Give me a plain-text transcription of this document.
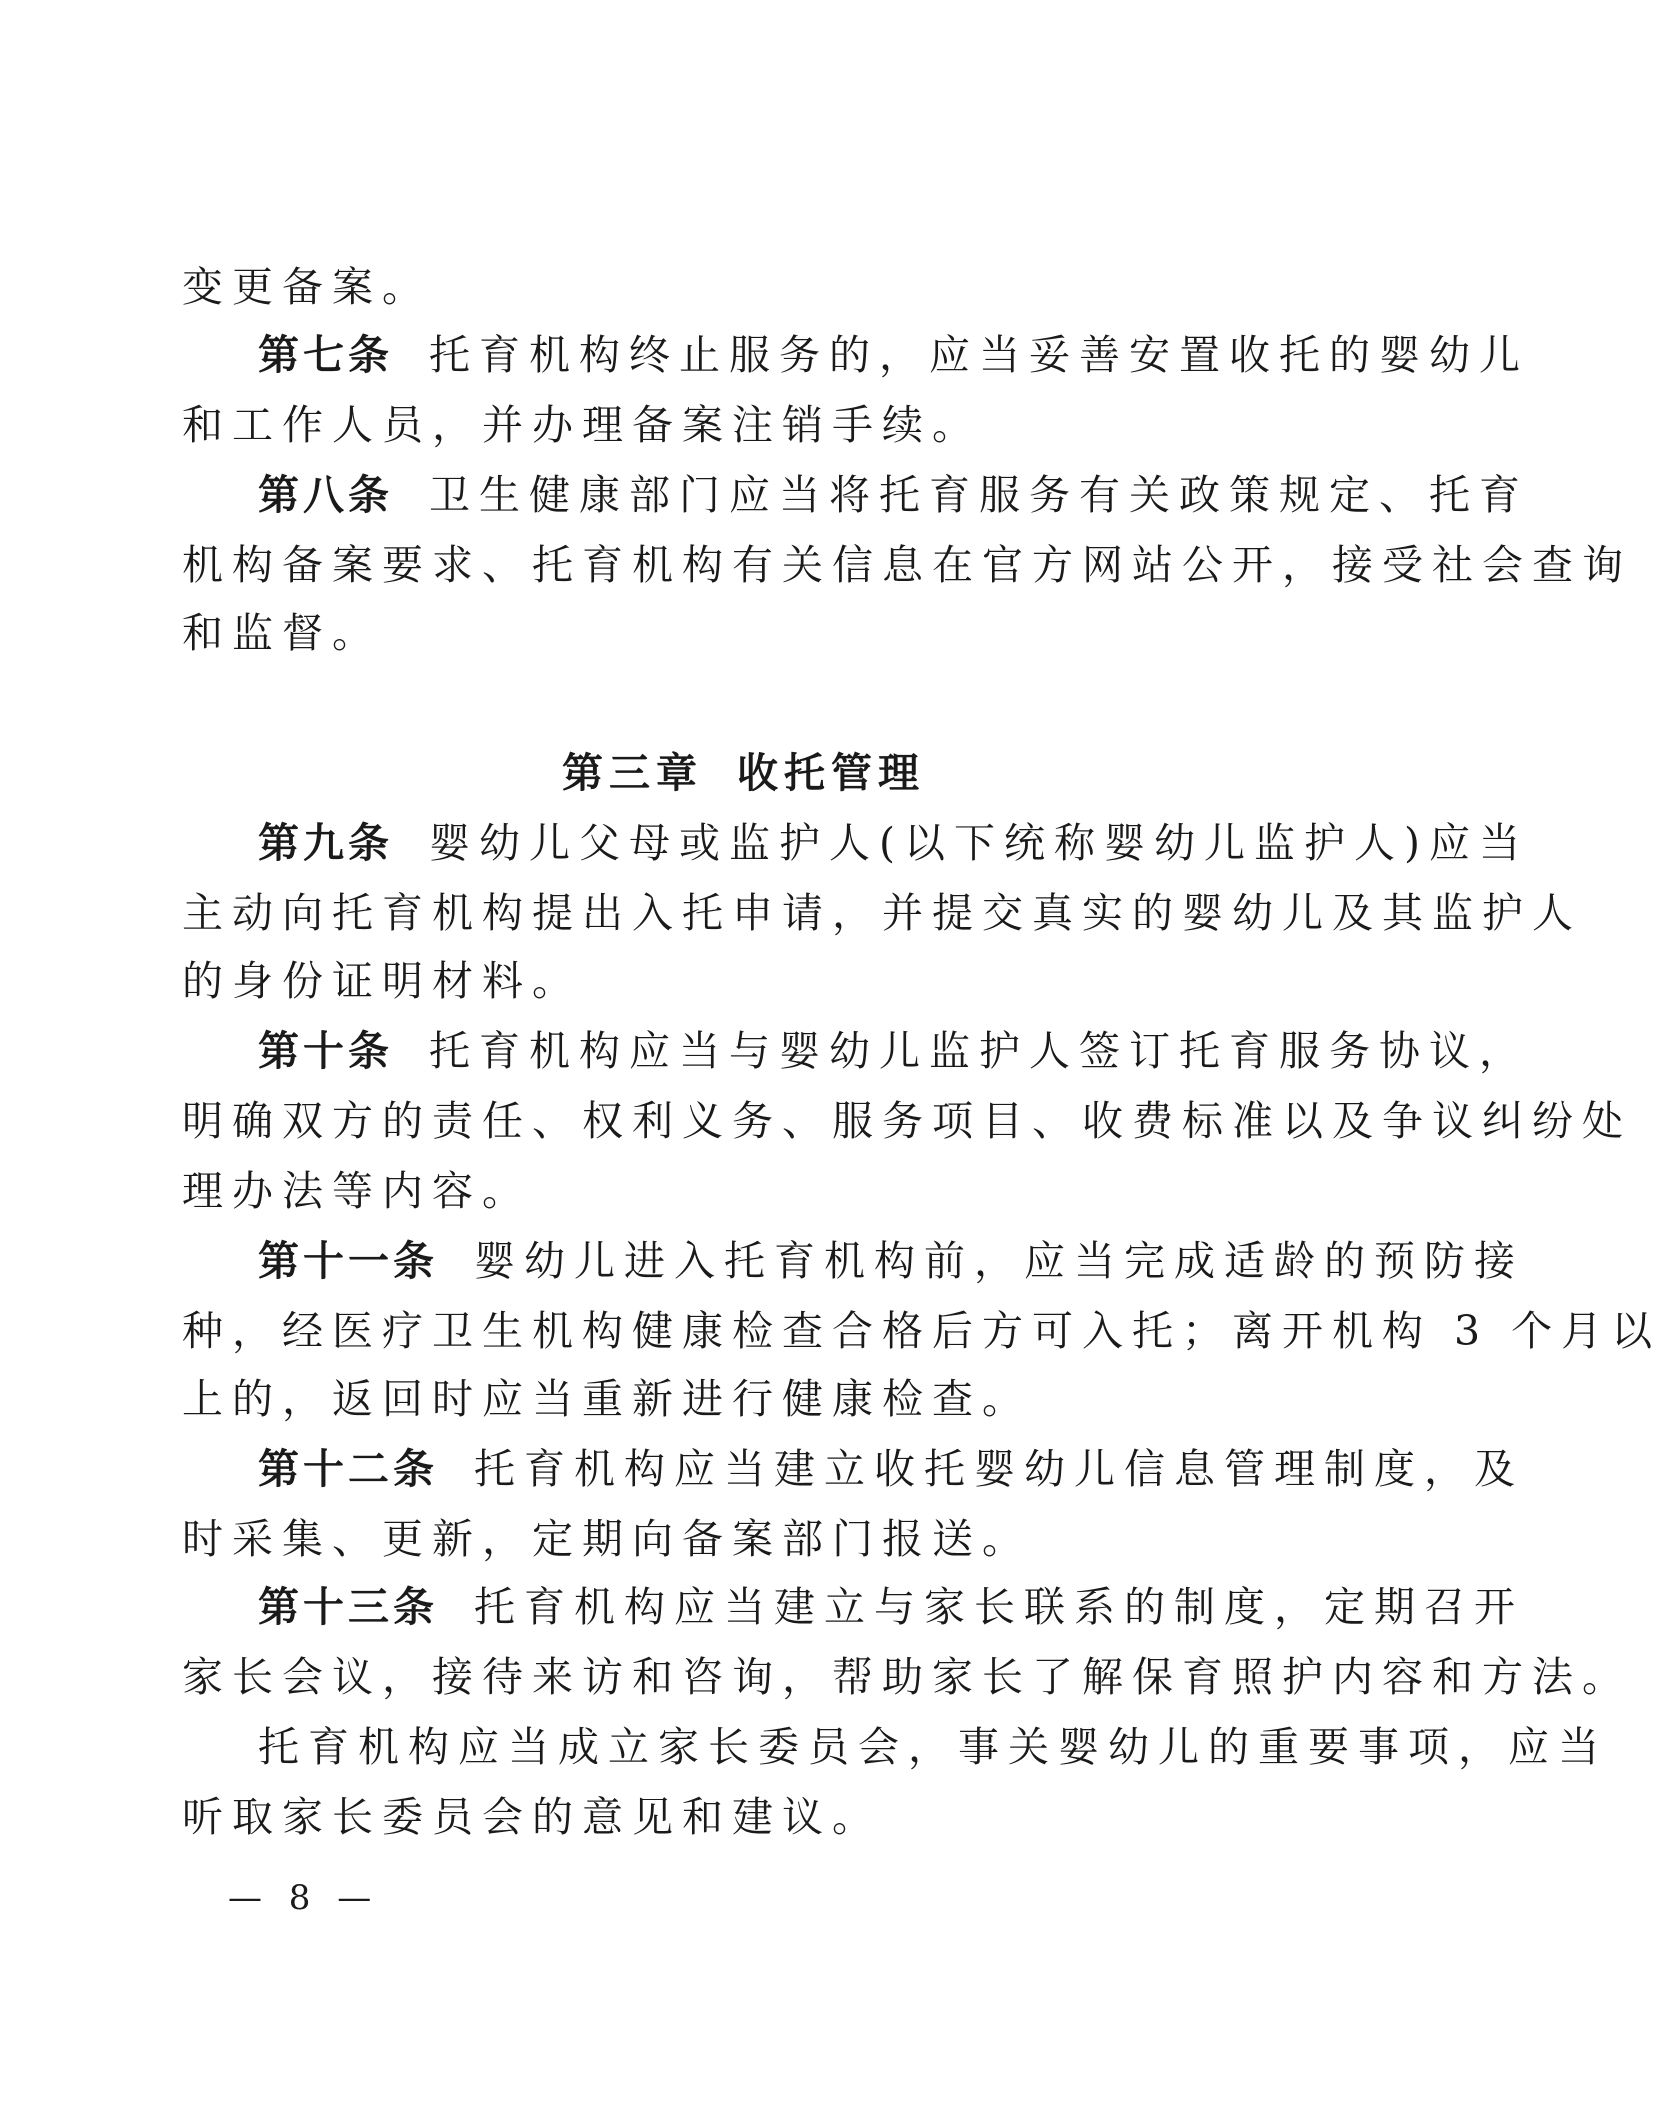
变更备案。
第七条 托育机构终止服务的，应当妥善安置收托的婴幼儿
和工作人员，并办理备案注销手续。
第八条 卫生健康部门应当将托育服务有关政策规定、托育
机构备案要求、托育机构有关信息在官方网站公开，接受社会查询
和监督。
第三章 收托管理
第九条 婴幼儿父母或监护人(以下统称婴幼儿监护人)应当
主动向托育机构提出入托申请，并提交真实的婴幼儿及其监护人
的身份证明材料。
第十条 托育机构应当与婴幼儿监护人签订托育服务协议，
明确双方的责任、权利义务、服务项目、收费标准以及争议纠纷处
理办法等内容。
第十一条 婴幼儿进入托育机构前，应当完成适龄的预防接
种，经医疗卫生机构健康检查合格后方可入托；离开机构 3 个月以
上的，返回时应当重新进行健康检查。
第十二条 托育机构应当建立收托婴幼儿信息管理制度，及
时采集、更新，定期向备案部门报送。
第十三条 托育机构应当建立与家长联系的制度，定期召开
家长会议，接待来访和咨询，帮助家长了解保育照护内容和方法。
托育机构应当成立家长委员会，事关婴幼儿的重要事项，应当
听取家长委员会的意见和建议。
— 8 —
